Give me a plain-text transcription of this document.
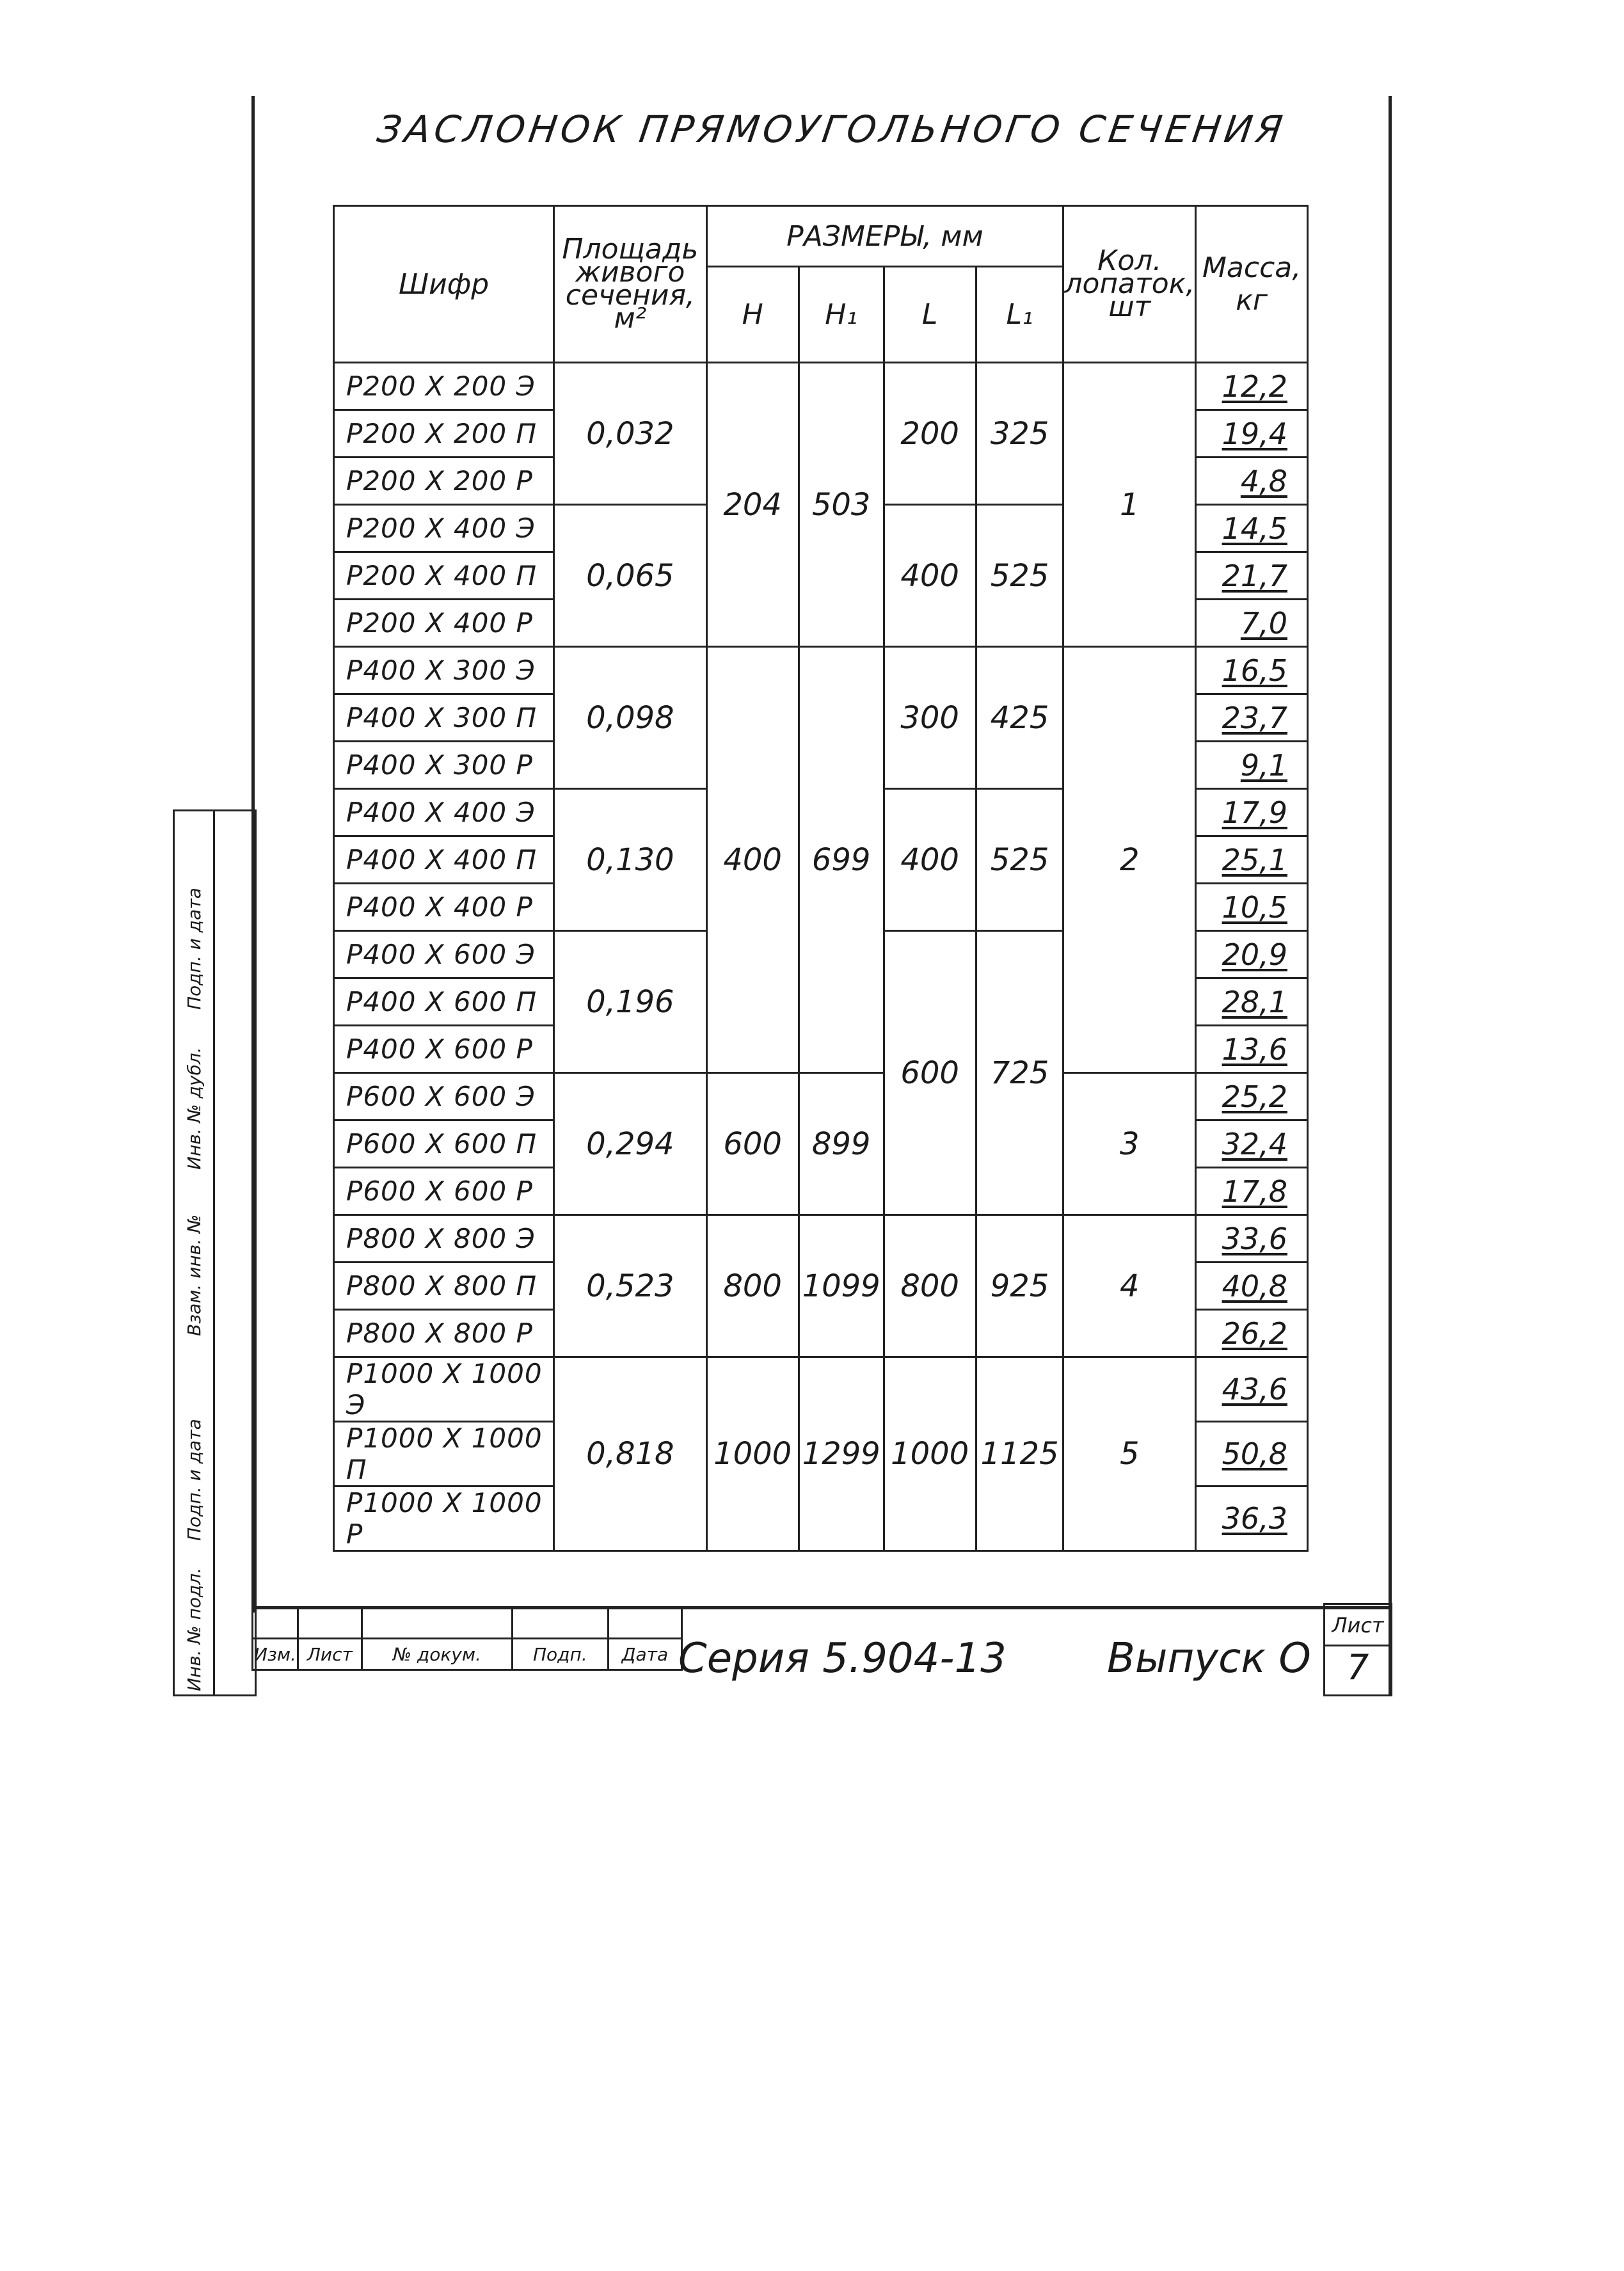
ЗАСЛОНОК ПРЯМОУГОЛЬНОГО СЕЧЕНИЯ
Шифр	Площадь живого сечения, м²	РАЗМЕРЫ, мм				Кол. лопаток, шт	Масса, кг
		H	H₁	L	L₁		
P200 X 200 Э	0,032	204	503	200	325	1	12,2
P200 X 200 П							19,4
P200 X 200 P							4,8
P200 X 400 Э	0,065			400	525		14,5
P200 X 400 П							21,7
P200 X 400 P							7,0
P400 X 300 Э	0,098	400	699	300	425	2	16,5
P400 X 300 П							23,7
P400 X 300 P							9,1
P400 X 400 Э	0,130			400	525		17,9
P400 X 400 П							25,1
P400 X 400 P							10,5
P400 X 600 Э	0,196			600	725		20,9
P400 X 600 П							28,1
P400 X 600 P							13,6
P600 X 600 Э	0,294	600	899			3	25,2
P600 X 600 П							32,4
P600 X 600 P							17,8
P800 X 800 Э	0,523	800	1099	800	925	4	33,6
P800 X 800 П							40,8
P800 X 800 P							26,2
P1000 X 1000 Э	0,818	1000	1299	1000	1125	5	43,6
P1000 X 1000 П							50,8
P1000 X 1000 P							36,3

Изм.	Лист	№ докум.	Подп.	Дата Серия 5.904-13 Выпуск О
Лист
7
Инв. № подл.
Подп. и дата
Взам. инв. №
Инв. № дубл.
Подп. и дата
